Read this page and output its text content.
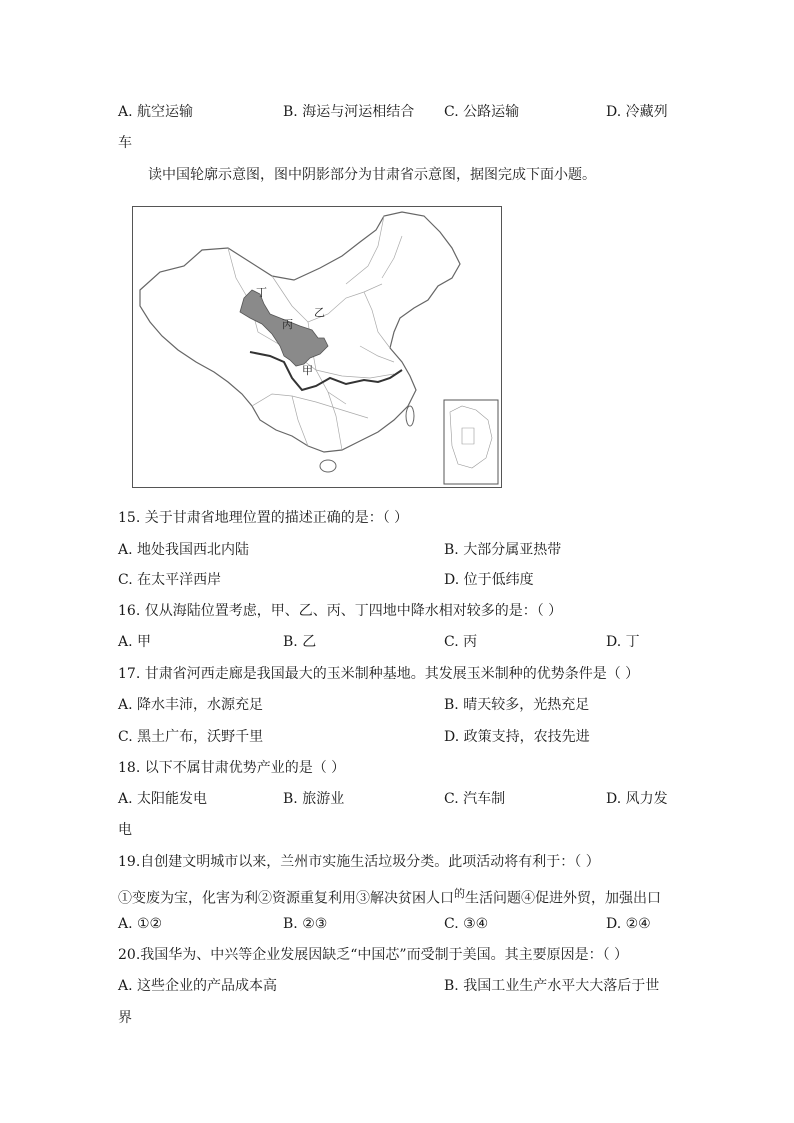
A. 航空运输	B. 海运与河运相结合 C. 公路运输	D. 冷藏列
车
读中国轮廓示意图，图中阴影部分为甘肃省示意图，据图完成下面小题。
丁
丙
乙
甲
15. 关于甘肃省地理位置的描述正确的是：（ ）
A. 地处我国西北内陆	B. 大部分属亚热带
C. 在太平洋西岸	D. 位于低纬度
16. 仅从海陆位置考虑，甲、乙、丙、丁四地中降水相对较多的是：（ ）
A. 甲	B. 乙	C. 丙	D. 丁
17. 甘肃省河西走廊是我国最大的玉米制种基地。其发展玉米制种的优势条件是（ ）
A. 降水丰沛，水源充足	B. 晴天较多，光热充足
C. 黑土广布，沃野千里	D. 政策支持，农技先进
18. 以下不属甘肃优势产业的是（ ）
A. 太阳能发电	B. 旅游业	C. 汽车制	D. 风力发
电
19.自创建文明城市以来，兰州市实施生活垃圾分类。此项活动将有利于：（ ）
①变废为宝，化害为利②资源重复利用③解决贫困人口$^的$生活问题④促进外贸，加强出口
A. ①②	B. ②③	C. ③④	D. ②④
20.我国华为、中兴等企业发展因缺乏“中国芯”而受制于美国。其主要原因是：（ ）
A. 这些企业的产品成本高	B. 我国工业生产水平大大落后于世
界
